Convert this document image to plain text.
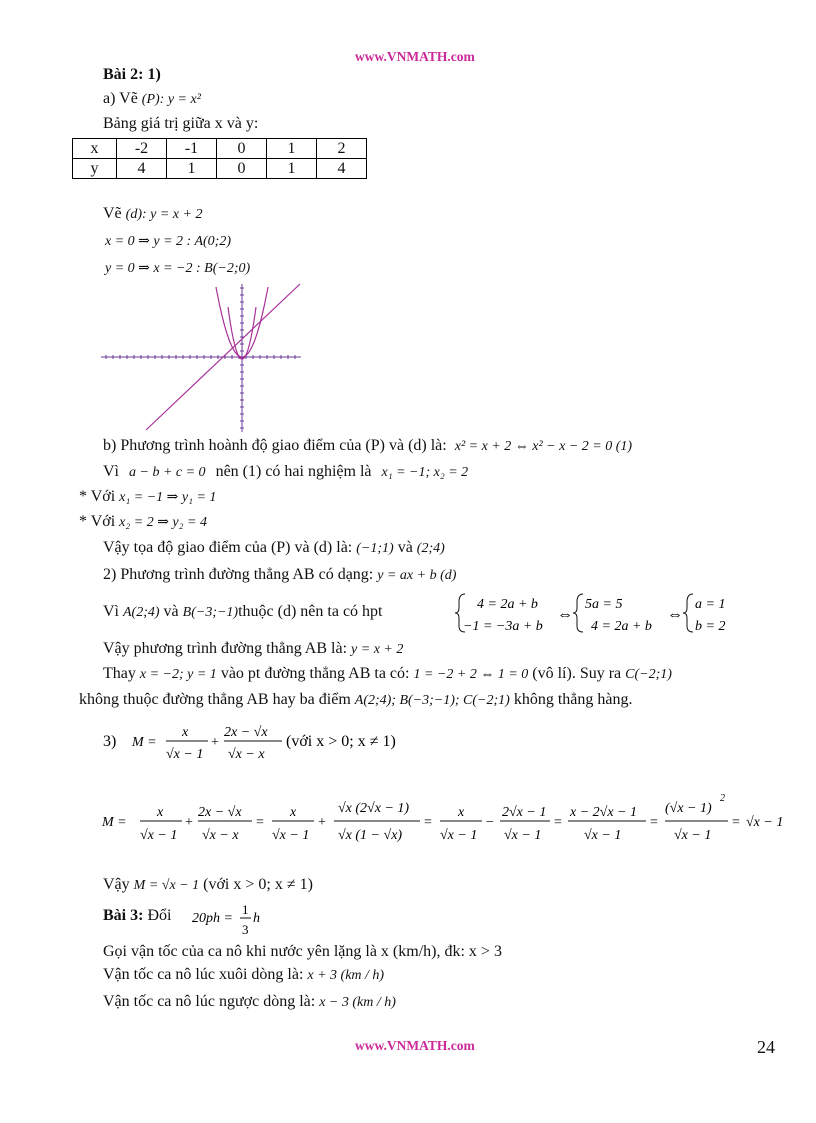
www.VNMATH.com
Bài 2: 1)
a) Vẽ (P): y = x²
Bảng giá trị giữa x và y:
x	-2	-1	0	1	2
y	4	1	0	1	4
Vẽ (d): y = x + 2
x = 0 ⇒ y = 2 : A(0;2)
y = 0 ⇒ x = −2 : B(−2;0)
b) Phương trình hoành độ giao điểm của (P) và (d) là: x² = x + 2 ⇔ x² − x − 2 = 0 (1)
Vì a − b + c = 0 nên (1) có hai nghiệm là x₁ = −1; x₂ = 2
* Với x₁ = −1 ⇒ y₁ = 1
* Với x₂ = 2 ⇒ y₂ = 4
Vậy tọa độ giao điểm của (P) và (d) là: (−1;1) và (2;4)
2) Phương trình đường thẳng AB có dạng: y = ax + b (d)
Vì A(2;4) và B(−3;−1)thuộc (d) nên ta có hpt	4 = 2a + b
−1 = −3a + b
⇔
5a = 5
4 = 2a + b
⇔
a = 1
b = 2
Vậy phương trình đường thẳng AB là: y = x + 2
Thay x = −2; y = 1 vào pt đường thẳng AB ta có: 1 = −2 + 2 ⇔ 1 = 0 (vô lí). Suy ra C(−2;1)
không thuộc đường thẳng AB hay ba điểm A(2;4); B(−3;−1); C(−2;1) không thẳng hàng.
3) M =
x
√x − 1
+
2x − √x
√x − x
(với x > 0; x ≠ 1)
M =
x
√x − 1
+
2x − √x
√x − x
=
x
√x − 1
+
√x (2√x − 1)
√x (1 − √x)
=
x
√x − 1
−
2√x − 1
√x − 1
=
x − 2√x − 1
√x − 1
=
(√x − 1)
2
√x − 1
= √x − 1
Vậy M = √x − 1 (với x > 0; x ≠ 1)
Bài 3: Đổi 20ph =
1
3
h
Gọi vận tốc của ca nô khi nước yên lặng là x (km/h), đk: x > 3
Vận tốc ca nô lúc xuôi dòng là: x + 3 (km / h)
Vận tốc ca nô lúc ngược dòng là: x − 3 (km / h)
www.VNMATH.com	24
